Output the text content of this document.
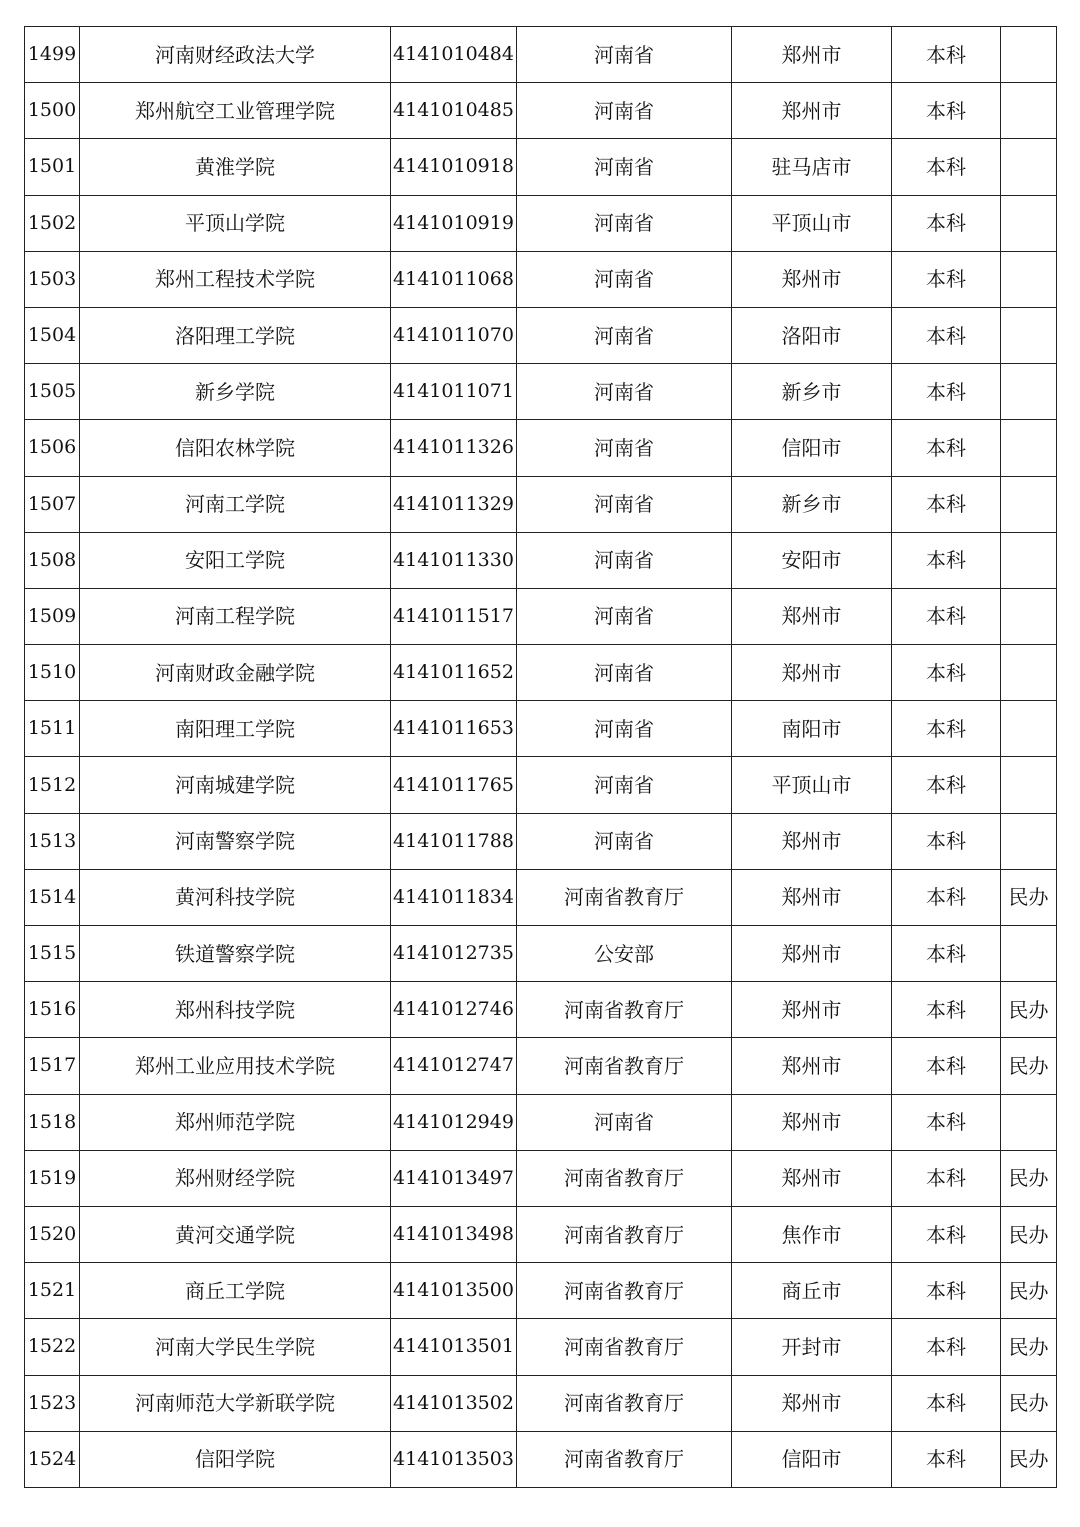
1499	河南财经政法大学	4141010484	河南省	郑州市	本科	
1500	郑州航空工业管理学院	4141010485	河南省	郑州市	本科	
1501	黄淮学院	4141010918	河南省	驻马店市	本科	
1502	平顶山学院	4141010919	河南省	平顶山市	本科	
1503	郑州工程技术学院	4141011068	河南省	郑州市	本科	
1504	洛阳理工学院	4141011070	河南省	洛阳市	本科	
1505	新乡学院	4141011071	河南省	新乡市	本科	
1506	信阳农林学院	4141011326	河南省	信阳市	本科	
1507	河南工学院	4141011329	河南省	新乡市	本科	
1508	安阳工学院	4141011330	河南省	安阳市	本科	
1509	河南工程学院	4141011517	河南省	郑州市	本科	
1510	河南财政金融学院	4141011652	河南省	郑州市	本科	
1511	南阳理工学院	4141011653	河南省	南阳市	本科	
1512	河南城建学院	4141011765	河南省	平顶山市	本科	
1513	河南警察学院	4141011788	河南省	郑州市	本科	
1514	黄河科技学院	4141011834	河南省教育厅	郑州市	本科	民办
1515	铁道警察学院	4141012735	公安部	郑州市	本科	
1516	郑州科技学院	4141012746	河南省教育厅	郑州市	本科	民办
1517	郑州工业应用技术学院	4141012747	河南省教育厅	郑州市	本科	民办
1518	郑州师范学院	4141012949	河南省	郑州市	本科	
1519	郑州财经学院	4141013497	河南省教育厅	郑州市	本科	民办
1520	黄河交通学院	4141013498	河南省教育厅	焦作市	本科	民办
1521	商丘工学院	4141013500	河南省教育厅	商丘市	本科	民办
1522	河南大学民生学院	4141013501	河南省教育厅	开封市	本科	民办
1523	河南师范大学新联学院	4141013502	河南省教育厅	郑州市	本科	民办
1524	信阳学院	4141013503	河南省教育厅	信阳市	本科	民办
